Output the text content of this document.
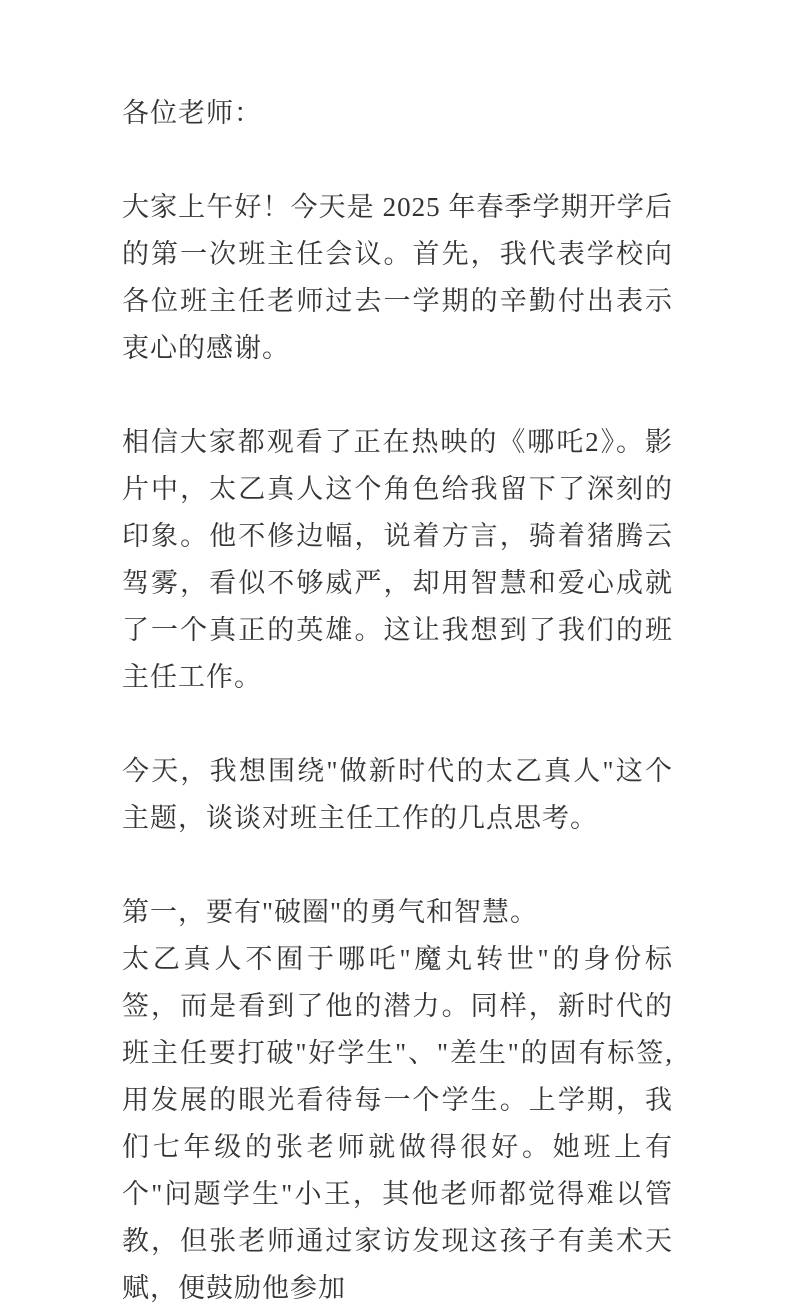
各位老师：

大家上午好！今天是 2025 年春季学期开学后的第一次班主任会议。首先，我代表学校向各位班主任老师过去一学期的辛勤付出表示衷心的感谢。

相信大家都观看了正在热映的《哪吒2》。影片中，太乙真人这个角色给我留下了深刻的印象。他不修边幅，说着方言，骑着猪腾云驾雾，看似不够威严，却用智慧和爱心成就了一个真正的英雄。这让我想到了我们的班主任工作。

今天，我想围绕"做新时代的太乙真人"这个主题，谈谈对班主任工作的几点思考。

第一，要有"破圈"的勇气和智慧。

太乙真人不囿于哪吒"魔丸转世"的身份标签，而是看到了他的潜力。同样，新时代的班主任要打破"好学生"、"差生"的固有标签,用发展的眼光看待每一个学生。上学期，我们七年级的张老师就做得很好。她班上有个"问题学生"小王，其他老师都觉得难以管教，但张老师通过家访发现这孩子有美术天赋，便鼓励他参加
